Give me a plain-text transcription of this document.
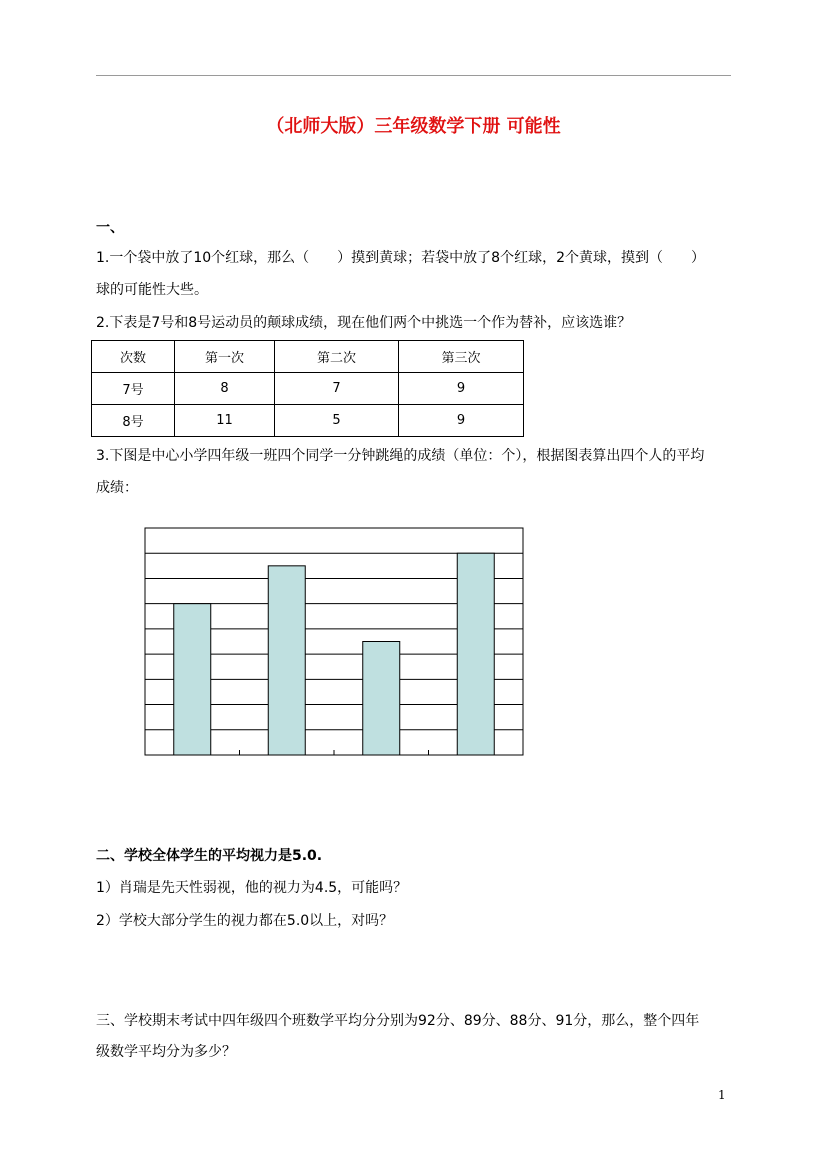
（北师大版）三年级数学下册 可能性
一、
1.一个袋中放了10个红球，那么（　　）摸到黄球；若袋中放了8个红球，2个黄球，摸到（　　）
球的可能性大些。
2.下表是7号和8号运动员的颠球成绩，现在他们两个中挑选一个作为替补，应该选谁？
次数	第一次	第二次	第三次
7号	8	7	9
8号	11	5	9
3.下图是中心小学四年级一班四个同学一分钟跳绳的成绩（单位：个），根据图表算出四个人的平均
成绩：
二、学校全体学生的平均视力是5.0.
1）肖瑞是先天性弱视，他的视力为4.5，可能吗？
2）学校大部分学生的视力都在5.0以上，对吗？
三、学校期末考试中四年级四个班数学平均分分别为92分、89分、88分、91分，那么，整个四年
级数学平均分为多少？
1
